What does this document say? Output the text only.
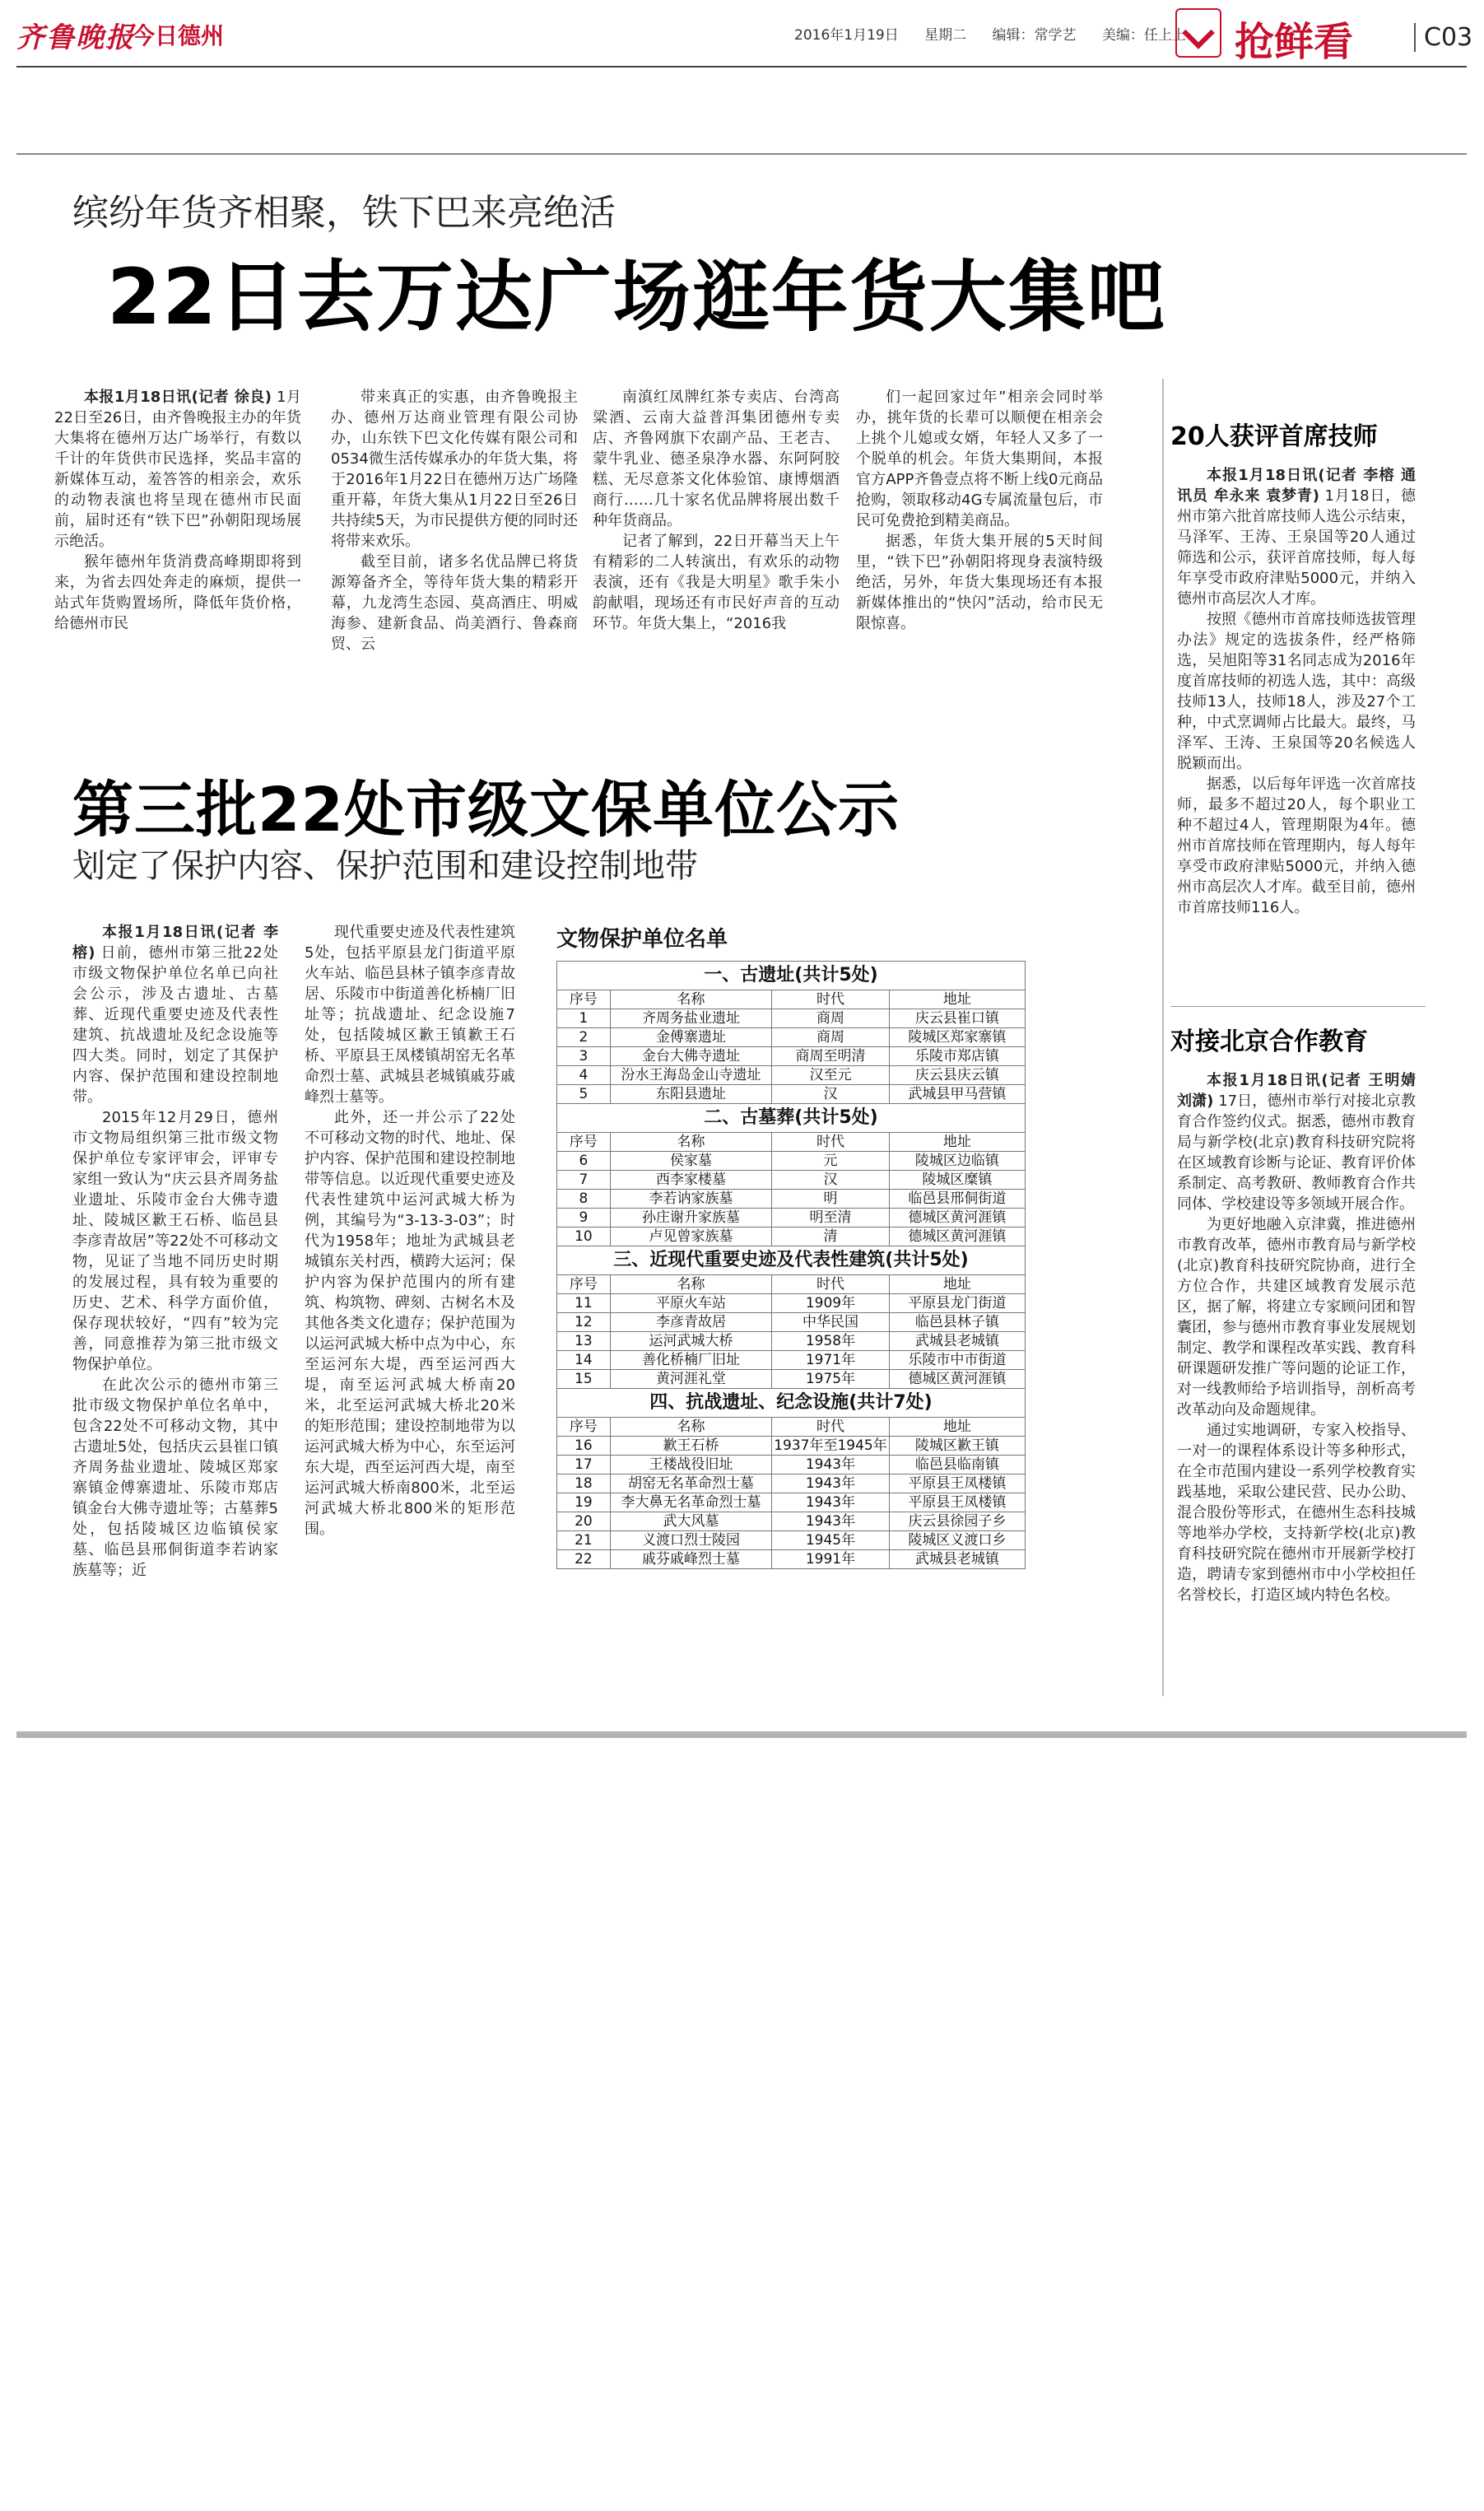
齐鲁晚报
今日德州	2016年1月19日 星期二 编辑：常学艺 美编：任上上	抢鲜看	C03
缤纷年货齐相聚，铁下巴来亮绝活
22日去万达广场逛年货大集吧

本报1月18日讯(记者 徐良) 1月22日至26日，由齐鲁晚报主办的年货大集将在德州万达广场举行，有数以千计的年货供市民选择，奖品丰富的新媒体互动，羞答答的相亲会，欢乐的动物表演也将呈现在德州市民面前，届时还有“铁下巴”孙朝阳现场展示绝活。

猴年德州年货消费高峰期即将到来，为省去四处奔走的麻烦，提供一站式年货购置场所，降低年货价格，给德州市民

带来真正的实惠，由齐鲁晚报主办、德州万达商业管理有限公司协办，山东铁下巴文化传媒有限公司和0534微生活传媒承办的年货大集，将于2016年1月22日在德州万达广场隆重开幕，年货大集从1月22日至26日共持续5天，为市民提供方便的同时还将带来欢乐。

截至目前，诸多名优品牌已将货源筹备齐全，等待年货大集的精彩开幕，九龙湾生态园、莫高酒庄、明威海参、建新食品、尚美酒行、鲁森商贸、云

南滇红凤牌红茶专卖店、台湾高粱酒、云南大益普洱集团德州专卖店、齐鲁网旗下农副产品、王老吉、蒙牛乳业、德圣泉净水器、东阿阿胶糕、无尽意茶文化体验馆、康博烟酒商行……几十家名优品牌将展出数千种年货商品。

记者了解到，22日开幕当天上午有精彩的二人转演出，有欢乐的动物表演，还有《我是大明星》歌手朱小韵献唱，现场还有市民好声音的互动环节。年货大集上，“2016我

们一起回家过年”相亲会同时举办，挑年货的长辈可以顺便在相亲会上挑个儿媳或女婿，年轻人又多了一个脱单的机会。年货大集期间，本报官方APP齐鲁壹点将不断上线0元商品抢购，领取移动4G专属流量包后，市民可免费抢到精美商品。

据悉，年货大集开展的5天时间里，“铁下巴”孙朝阳将现身表演特级绝活，另外，年货大集现场还有本报新媒体推出的“快闪”活动，给市民无限惊喜。

20人获评首席技师

本报1月18日讯(记者 李榕 通讯员 牟永来 袁梦青) 1月18日，德州市第六批首席技师人选公示结束，马泽军、王涛、王泉国等20人通过筛选和公示，获评首席技师，每人每年享受市政府津贴5000元，并纳入德州市高层次人才库。

按照《德州市首席技师选拔管理办法》规定的选拔条件，经严格筛选，吴旭阳等31名同志成为2016年度首席技师的初选人选，其中：高级技师13人，技师18人，涉及27个工种，中式烹调师占比最大。最终，马泽军、王涛、王泉国等20名候选人脱颖而出。

据悉，以后每年评选一次首席技师，最多不超过20人，每个职业工种不超过4人，管理期限为4年。德州市首席技师在管理期内，每人每年享受市政府津贴5000元，并纳入德州市高层次人才库。截至目前，德州市首席技师116人。

对接北京合作教育

本报1月18日讯(记者 王明婧 刘潇) 17日，德州市举行对接北京教育合作签约仪式。据悉，德州市教育局与新学校(北京)教育科技研究院将在区域教育诊断与论证、教育评价体系制定、高考教研、教师教育合作共同体、学校建设等多领域开展合作。

为更好地融入京津冀，推进德州市教育改革，德州市教育局与新学校(北京)教育科技研究院协商，进行全方位合作，共建区域教育发展示范区，据了解，将建立专家顾问团和智囊团，参与德州市教育事业发展规划制定、教学和课程改革实践、教育科研课题研发推广等问题的论证工作，对一线教师给予培训指导，剖析高考改革动向及命题规律。

通过实地调研，专家入校指导、一对一的课程体系设计等多种形式，在全市范围内建设一系列学校教育实践基地，采取公建民营、民办公助、混合股份等形式，在德州生态科技城等地举办学校，支持新学校(北京)教育科技研究院在德州市开展新学校打造，聘请专家到德州市中小学校担任名誉校长，打造区域内特色名校。

第三批22处市级文保单位公示
划定了保护内容、保护范围和建设控制地带

本报1月18日讯(记者 李榕) 日前，德州市第三批22处市级文物保护单位名单已向社会公示，涉及古遗址、古墓葬、近现代重要史迹及代表性建筑、抗战遗址及纪念设施等四大类。同时，划定了其保护内容、保护范围和建设控制地带。

2015年12月29日，德州市文物局组织第三批市级文物保护单位专家评审会，评审专家组一致认为“庆云县齐周务盐业遗址、乐陵市金台大佛寺遗址、陵城区歉王石桥、临邑县李彦青故居”等22处不可移动文物，见证了当地不同历史时期的发展过程，具有较为重要的历史、艺术、科学方面价值，保存现状较好，“四有”较为完善，同意推荐为第三批市级文物保护单位。

在此次公示的德州市第三批市级文物保护单位名单中，包含22处不可移动文物，其中古遗址5处，包括庆云县崔口镇齐周务盐业遗址、陵城区郑家寨镇金傅寨遗址、乐陵市郑店镇金台大佛寺遗址等；古墓葬5处，包括陵城区边临镇侯家墓、临邑县邢侗街道李若讷家族墓等；近

现代重要史迹及代表性建筑5处，包括平原县龙门街道平原火车站、临邑县林子镇李彦青故居、乐陵市中街道善化桥楠厂旧址等；抗战遗址、纪念设施7处，包括陵城区歉王镇歉王石桥、平原县王凤楼镇胡窑无名革命烈士墓、武城县老城镇戚芬戚峰烈士墓等。

此外，还一并公示了22处不可移动文物的时代、地址、保护内容、保护范围和建设控制地带等信息。以近现代重要史迹及代表性建筑中运河武城大桥为例，其编号为“3-13-3-03”；时代为1958年；地址为武城县老城镇东关村西，横跨大运河；保护内容为保护范围内的所有建筑、构筑物、碑刻、古树名木及其他各类文化遗存；保护范围为以运河武城大桥中点为中心，东至运河东大堤，西至运河西大堤，南至运河武城大桥南20米，北至运河武城大桥北20米的矩形范围；建设控制地带为以运河武城大桥为中心，东至运河东大堤，西至运河西大堤，南至运河武城大桥南800米，北至运河武城大桥北800米的矩形范围。

文物保护单位名单
一、古遗址(共计5处)			
序号	名称	时代	地址
1	齐周务盐业遗址	商周	庆云县崔口镇
2	金傅寨遗址	商周	陵城区郑家寨镇
3	金台大佛寺遗址	商周至明清	乐陵市郑店镇
4	汾水王海岛金山寺遗址	汉至元	庆云县庆云镇
5	东阳县遗址	汉	武城县甲马营镇
二、古墓葬(共计5处)			
序号	名称	时代	地址
6	侯家墓	元	陵城区边临镇
7	西李家楼墓	汉	陵城区糜镇
8	李若讷家族墓	明	临邑县邢侗街道
9	孙庄谢升家族墓	明至清	德城区黄河涯镇
10	卢见曾家族墓	清	德城区黄河涯镇
三、近现代重要史迹及代表性建筑(共计5处)			
序号	名称	时代	地址
11	平原火车站	1909年	平原县龙门街道
12	李彦青故居	中华民国	临邑县林子镇
13	运河武城大桥	1958年	武城县老城镇
14	善化桥楠厂旧址	1971年	乐陵市中市街道
15	黄河涯礼堂	1975年	德城区黄河涯镇
四、抗战遗址、纪念设施(共计7处)			
序号	名称	时代	地址
16	歉王石桥	1937年至1945年	陵城区歉王镇
17	王楼战役旧址	1943年	临邑县临南镇
18	胡窑无名革命烈士墓	1943年	平原县王凤楼镇
19	李大鼻无名革命烈士墓	1943年	平原县王凤楼镇
20	武大风墓	1943年	庆云县徐园子乡
21	义渡口烈士陵园	1945年	陵城区义渡口乡
22	戚芬戚峰烈士墓	1991年	武城县老城镇
